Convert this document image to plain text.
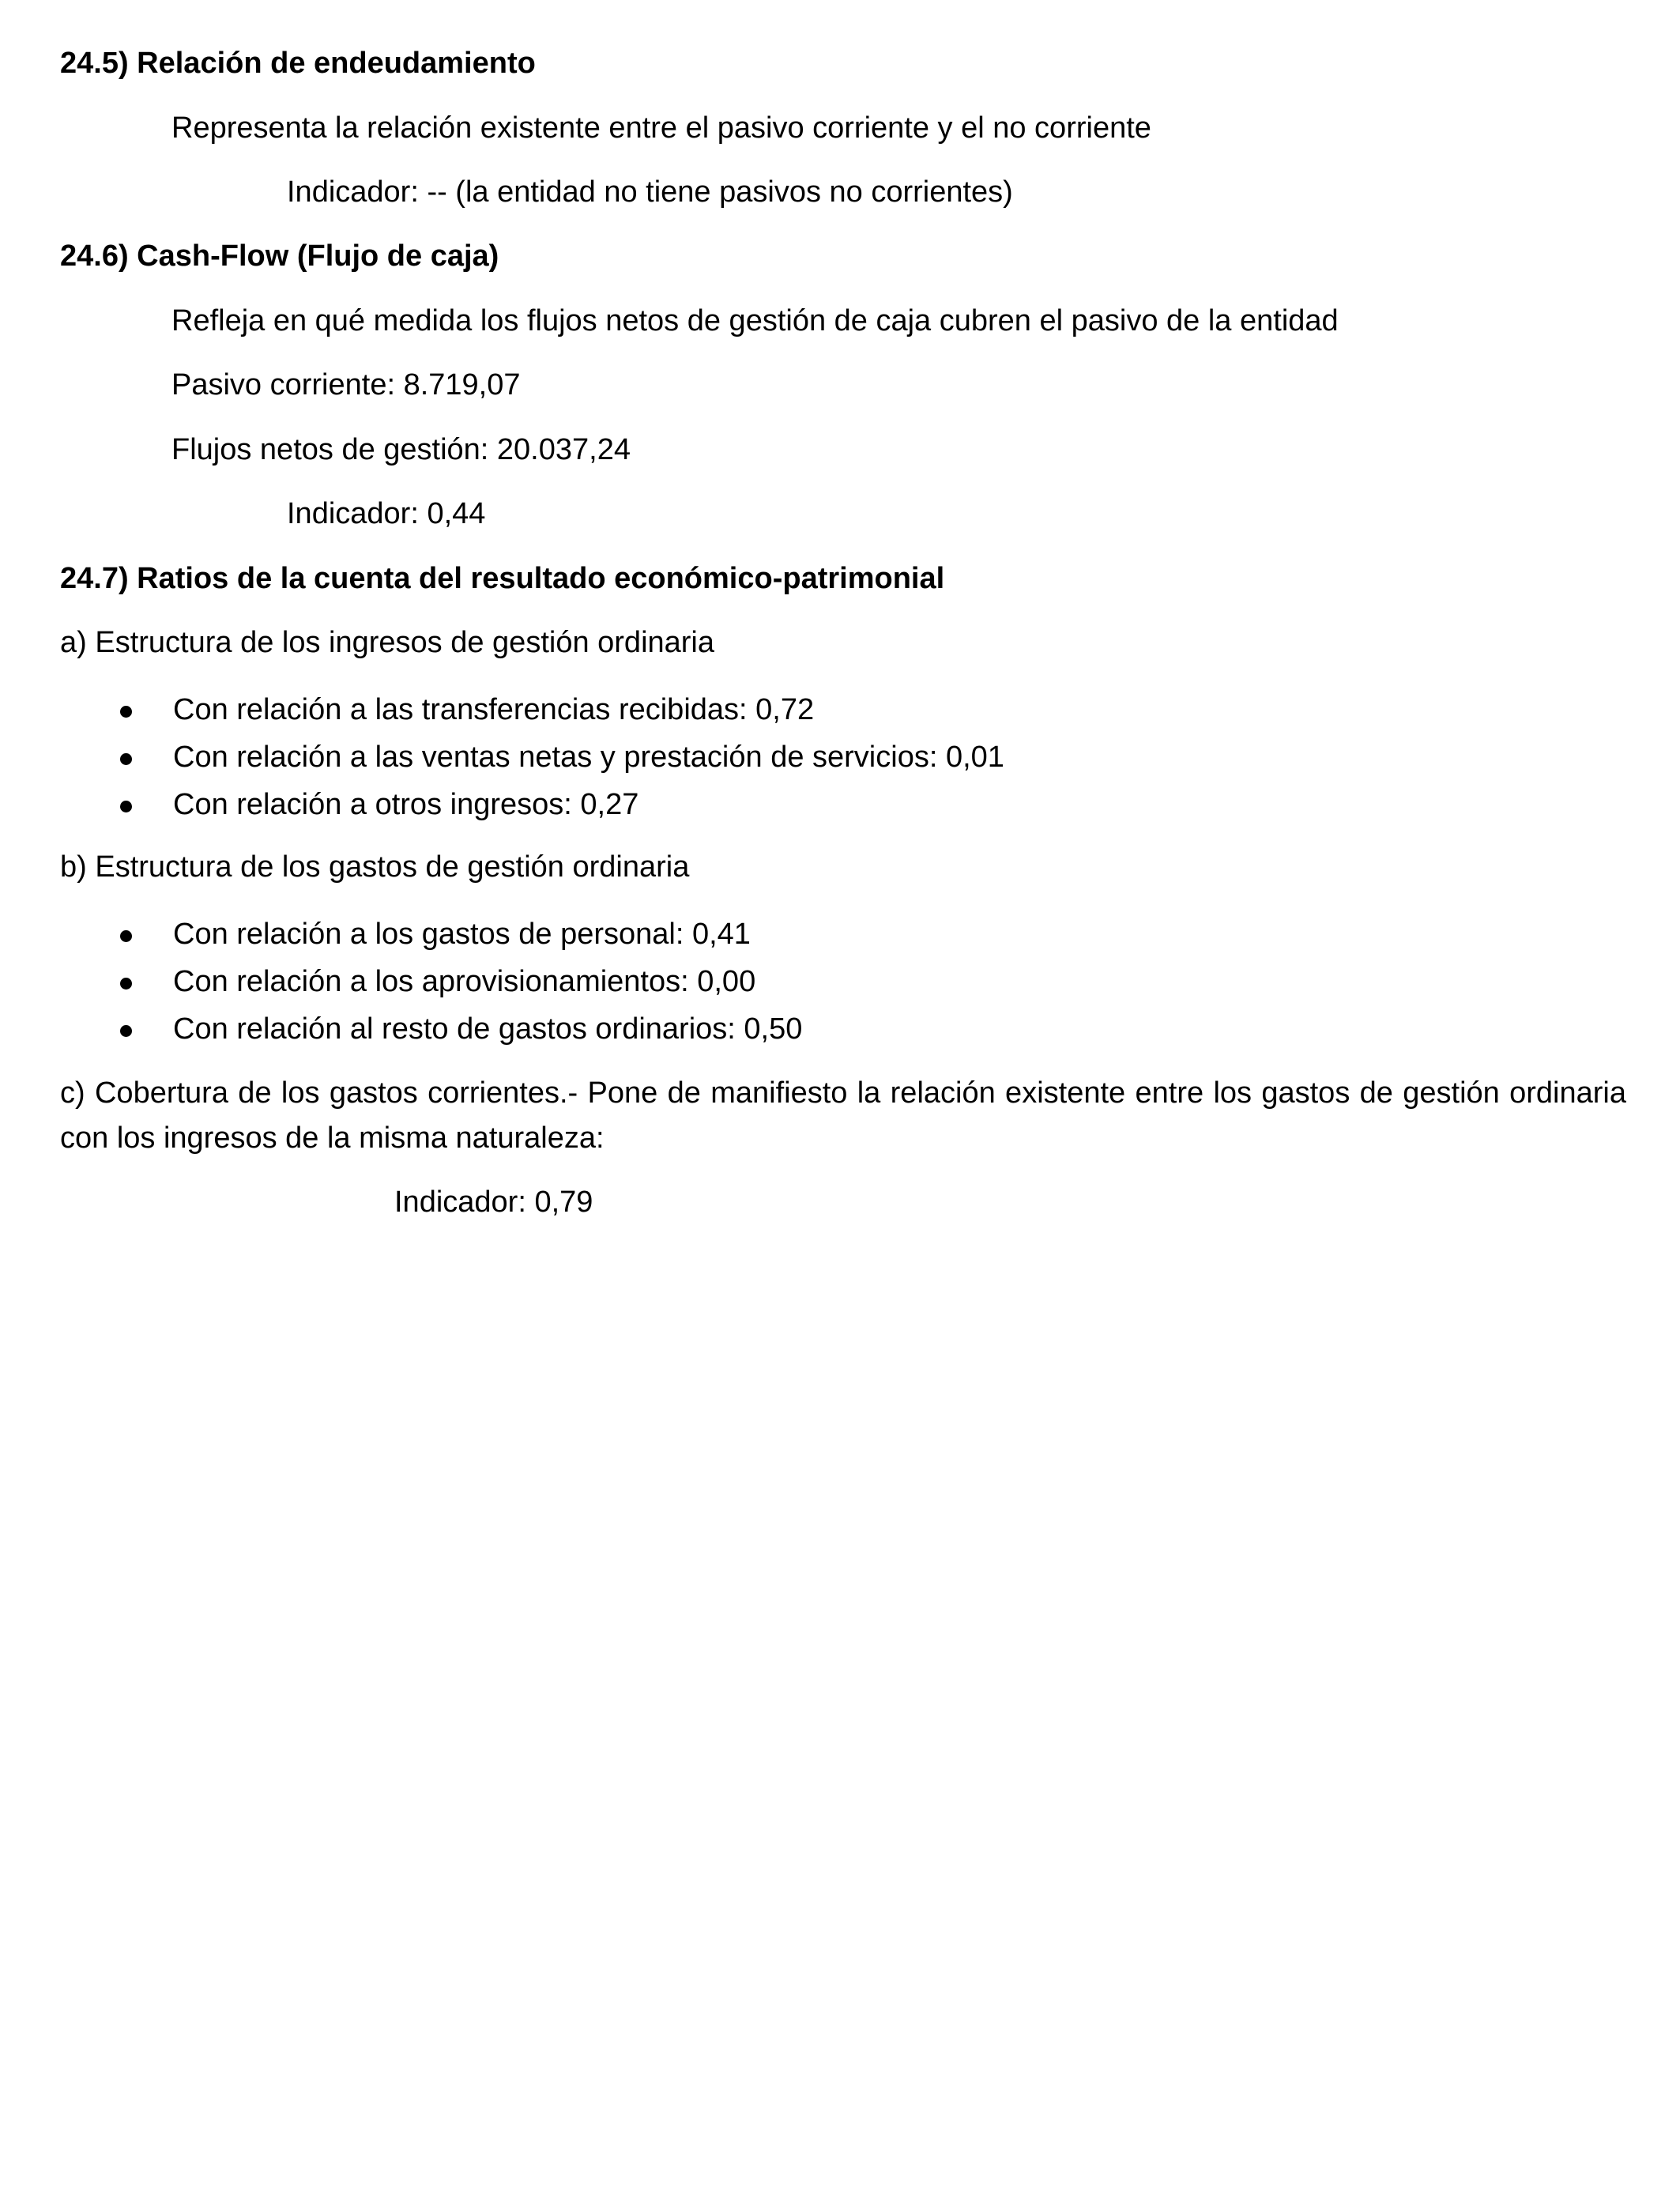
24.5) Relación de endeudamiento
Representa la relación existente entre el pasivo corriente y el no corriente
Indicador: -- (la entidad no tiene pasivos no corrientes)
24.6) Cash-Flow (Flujo de caja)
Refleja en qué medida los flujos netos de gestión de caja cubren el pasivo de la entidad
Pasivo corriente: 8.719,07
Flujos netos de gestión: 20.037,24
Indicador: 0,44
24.7) Ratios de la cuenta del resultado económico-patrimonial
a) Estructura de los ingresos de gestión ordinaria
Con relación a las transferencias recibidas: 0,72
Con relación a las ventas netas y prestación de servicios: 0,01
Con relación a otros ingresos: 0,27
b) Estructura de los gastos de gestión ordinaria
Con relación a los gastos de personal: 0,41
Con relación a los aprovisionamientos: 0,00
Con relación al resto de gastos ordinarios: 0,50
c) Cobertura de los gastos corrientes.- Pone de manifiesto la relación existente entre los gastos de gestión ordinaria con los ingresos de la misma naturaleza:
Indicador: 0,79
